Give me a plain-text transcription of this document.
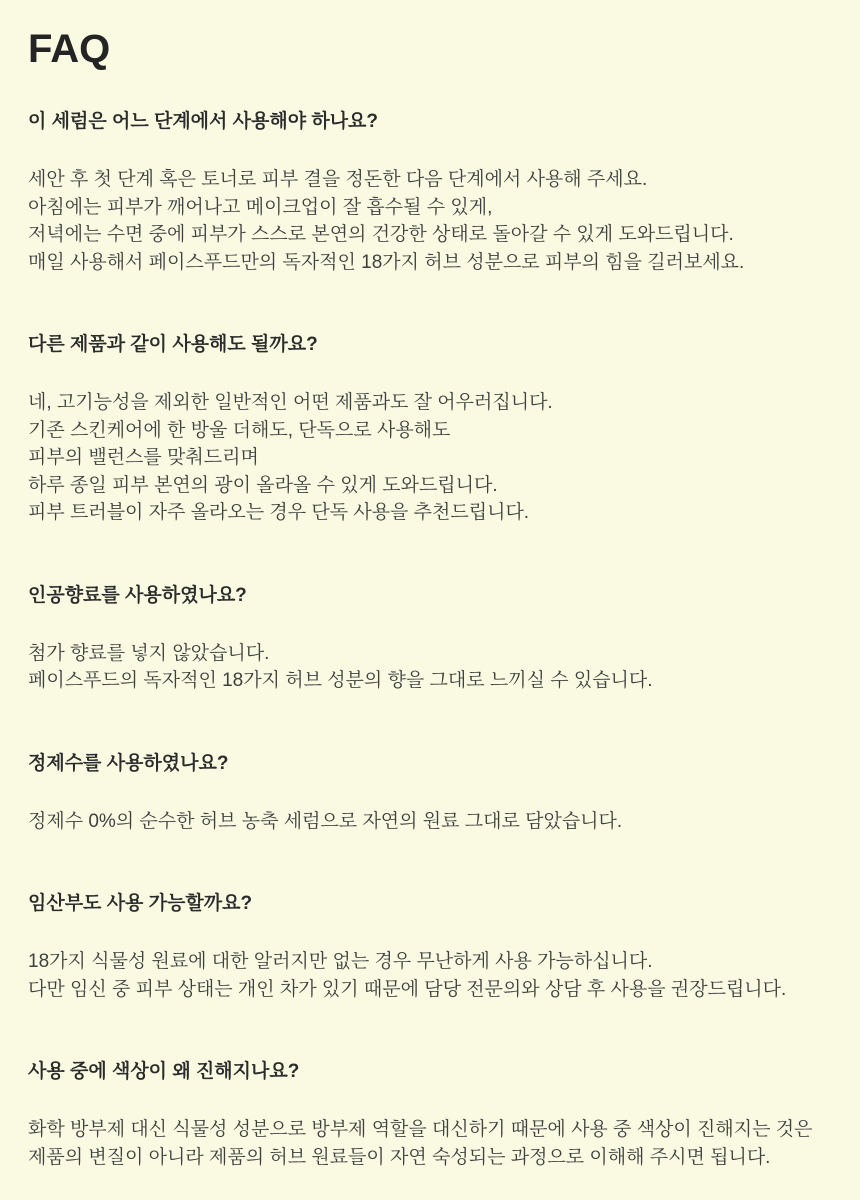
FAQ
이 세럼은 어느 단계에서 사용해야 하나요?

세안 후 첫 단계 혹은 토너로 피부 결을 정돈한 다음 단계에서 사용해 주세요.

아침에는 피부가 깨어나고 메이크업이 잘 흡수될 수 있게,

저녁에는 수면 중에 피부가 스스로 본연의 건강한 상태로 돌아갈 수 있게 도와드립니다.

매일 사용해서 페이스푸드만의 독자적인 18가지 허브 성분으로 피부의 힘을 길러보세요.

다른 제품과 같이 사용해도 될까요?

네, 고기능성을 제외한 일반적인 어떤 제품과도 잘 어우러집니다.

기존 스킨케어에 한 방울 더해도, 단독으로 사용해도

피부의 밸런스를 맞춰드리며

하루 종일 피부 본연의 광이 올라올 수 있게 도와드립니다.

피부 트러블이 자주 올라오는 경우 단독 사용을 추천드립니다.

인공향료를 사용하였나요?

첨가 향료를 넣지 않았습니다.

페이스푸드의 독자적인 18가지 허브 성분의 향을 그대로 느끼실 수 있습니다.

정제수를 사용하였나요?

정제수 0%의 순수한 허브 농축 세럼으로 자연의 원료 그대로 담았습니다.

임산부도 사용 가능할까요?

18가지 식물성 원료에 대한 알러지만 없는 경우 무난하게 사용 가능하십니다.

다만 임신 중 피부 상태는 개인 차가 있기 때문에 담당 전문의와 상담 후 사용을 권장드립니다.

사용 중에 색상이 왜 진해지나요?

화학 방부제 대신 식물성 성분으로 방부제 역할을 대신하기 때문에 사용 중 색상이 진해지는 것은

제품의 변질이 아니라 제품의 허브 원료들이 자연 숙성되는 과정으로 이해해 주시면 됩니다.
